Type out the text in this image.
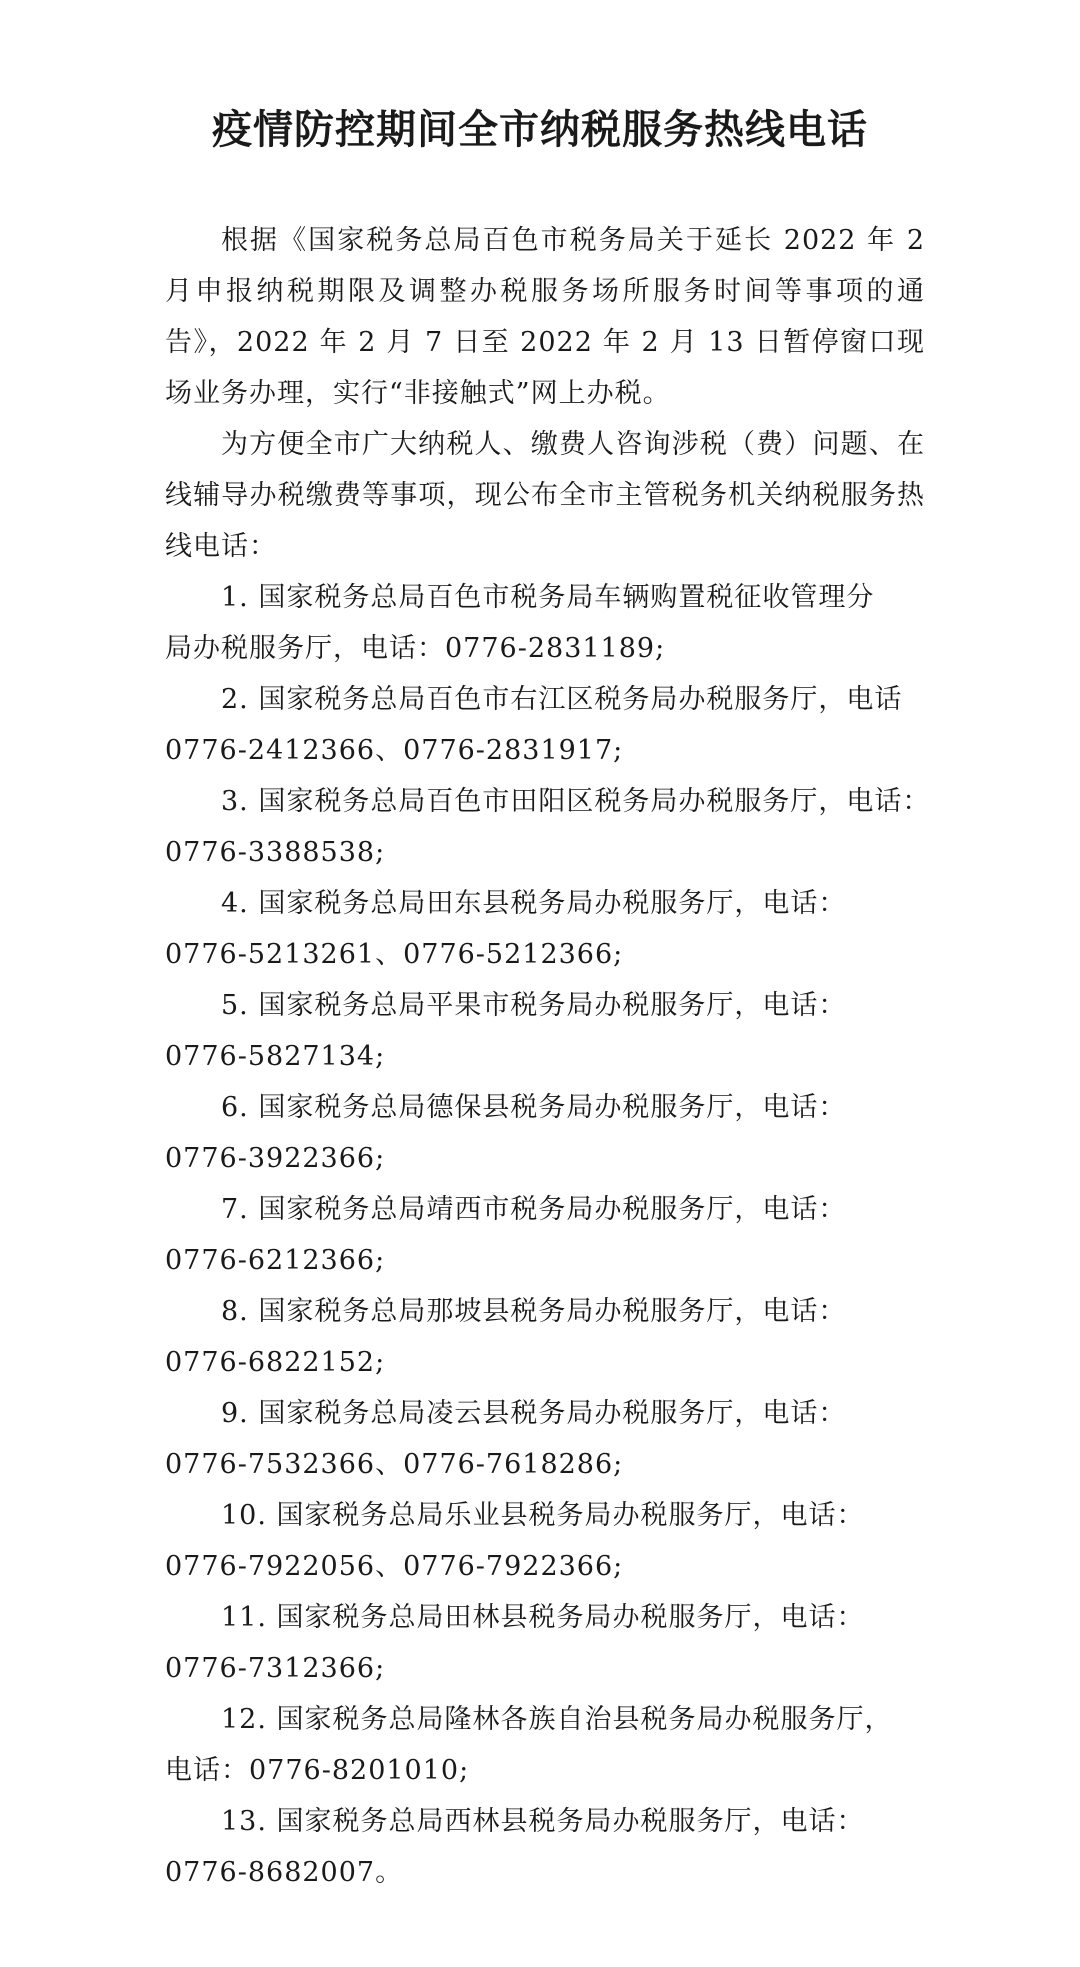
疫情防控期间全市纳税服务热线电话

根据《国家税务总局百色市税务局关于延长 2022 年 2 月申报纳税期限及调整办税服务场所服务时间等事项的通告》，2022 年 2 月 7 日至 2022 年 2 月 13 日暂停窗口现场业务办理，实行“非接触式”网上办税。

为方便全市广大纳税人、缴费人咨询涉税（费）问题、在线辅导办税缴费等事项，现公布全市主管税务机关纳税服务热线电话：

1. 国家税务总局百色市税务局车辆购置税征收管理分
局办税服务厅，电话：0776-2831189;
2. 国家税务总局百色市右江区税务局办税服务厅，电话
0776-2412366、0776-2831917;
3. 国家税务总局百色市田阳区税务局办税服务厅，电话：
0776-3388538;
4. 国家税务总局田东县税务局办税服务厅，电话：
0776-5213261、0776-5212366;
5. 国家税务总局平果市税务局办税服务厅，电话：
0776-5827134;
6. 国家税务总局德保县税务局办税服务厅，电话：
0776-3922366;
7. 国家税务总局靖西市税务局办税服务厅，电话：
0776-6212366;
8. 国家税务总局那坡县税务局办税服务厅，电话：
0776-6822152;
9. 国家税务总局凌云县税务局办税服务厅，电话：
0776-7532366、0776-7618286;
10. 国家税务总局乐业县税务局办税服务厅，电话：
0776-7922056、0776-7922366;
11. 国家税务总局田林县税务局办税服务厅，电话：
0776-7312366;
12. 国家税务总局隆林各族自治县税务局办税服务厅，
电话：0776-8201010;
13. 国家税务总局西林县税务局办税服务厅，电话：
0776-8682007。
